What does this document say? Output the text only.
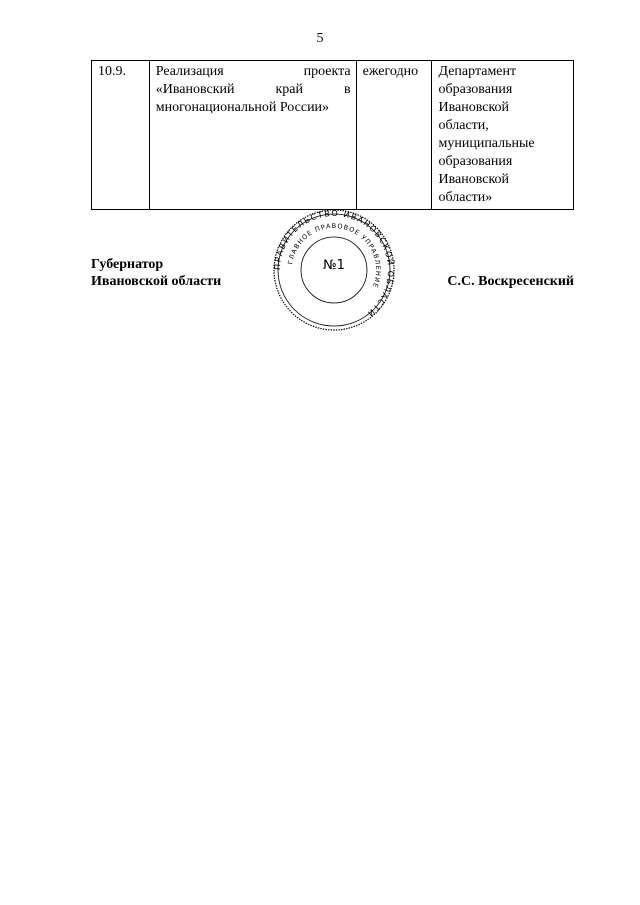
5
10.9.	Реализация проекта «Ивановский край в многонациональной России»	ежегодно	Департамент
образования
Ивановской
области,
муниципальные
образования
Ивановской
области»
Губернатор
Ивановской области
ПРАВИТЕЛЬСТВО ИВАНОВСКОЙ ОБЛАСТИ
ГЛАВНОЕ ПРАВОВОЕ УПРАВЛЕНИЕ
№1
С.С. Воскресенский
